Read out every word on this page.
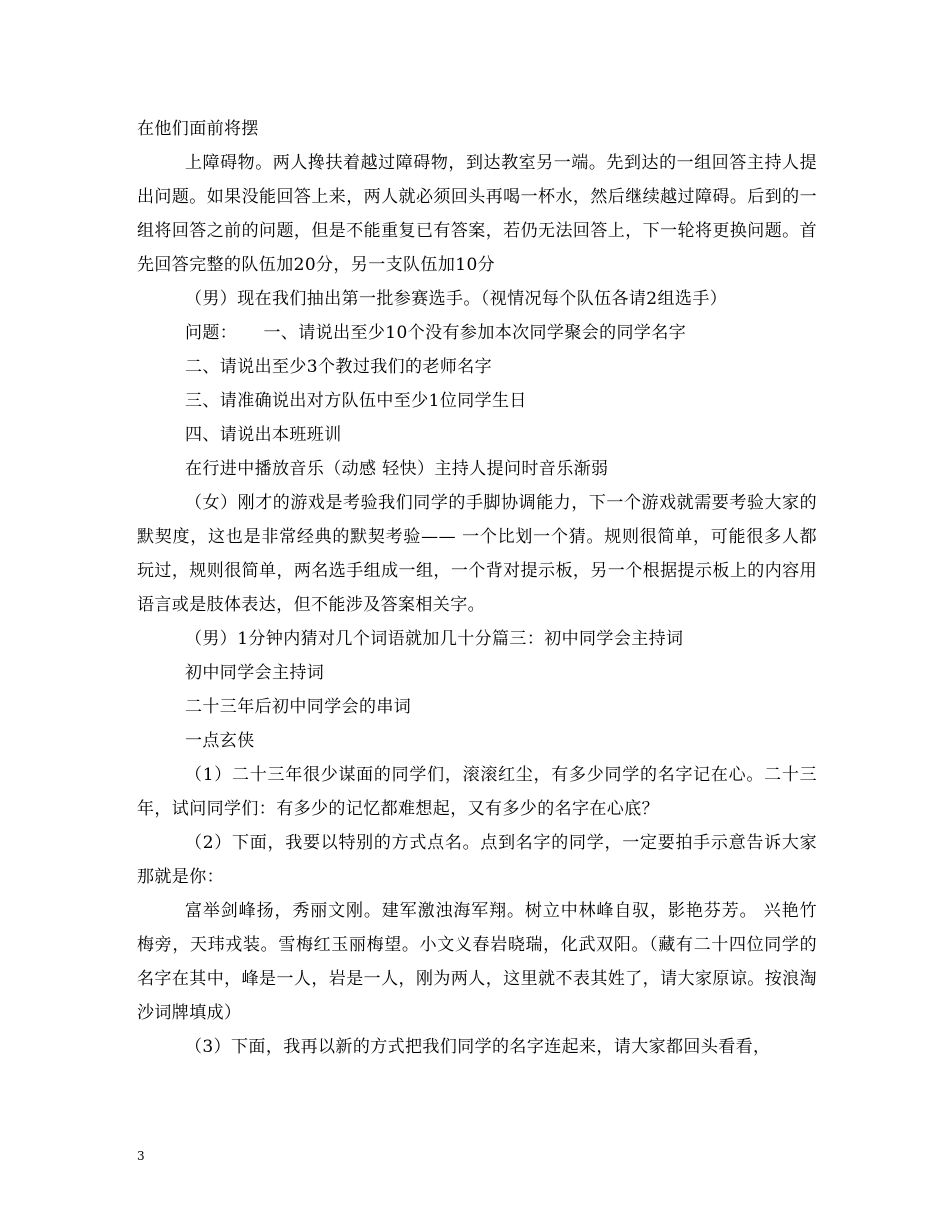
在他们面前将摆

上障碍物。两人搀扶着越过障碍物，到达教室另一端。先到达的一组回答主持人提出问题。如果没能回答上来，两人就必须回头再喝一杯水，然后继续越过障碍。后到的一组将回答之前的问题，但是不能重复已有答案，若仍无法回答上，下一轮将更换问题。首先回答完整的队伍加20分，另一支队伍加10分

（男）现在我们抽出第一批参赛选手。（视情况每个队伍各请2组选手）

问题：　　一、请说出至少10个没有参加本次同学聚会的同学名字

二、请说出至少3个教过我们的老师名字

三、请准确说出对方队伍中至少1位同学生日

四、请说出本班班训

在行进中播放音乐（动感 轻快）主持人提问时音乐渐弱

（女）刚才的游戏是考验我们同学的手脚协调能力，下一个游戏就需要考验大家的默契度，这也是非常经典的默契考验—— 一个比划一个猜。规则很简单，可能很多人都玩过，规则很简单，两名选手组成一组，一个背对提示板，另一个根据提示板上的内容用语言或是肢体表达，但不能涉及答案相关字。

（男）1分钟内猜对几个词语就加几十分篇三：初中同学会主持词

初中同学会主持词

二十三年后初中同学会的串词

一点玄侠

（1）二十三年很少谋面的同学们，滚滚红尘，有多少同学的名字记在心。二十三年，试问同学们：有多少的记忆都难想起，又有多少的名字在心底？

（2）下面，我要以特别的方式点名。点到名字的同学，一定要拍手示意告诉大家那就是你：

富举剑峰扬，秀丽文刚。建军激浊海军翔。树立中林峰自驭，影艳芬芳。 兴艳竹梅旁，天玮戎装。雪梅红玉丽梅望。小文义春岩晓瑞，化武双阳。（藏有二十四位同学的名字在其中，峰是一人，岩是一人，刚为两人，这里就不表其姓了，请大家原谅。按浪淘沙词牌填成）

（3）下面，我再以新的方式把我们同学的名字连起来，请大家都回头看看，

3
